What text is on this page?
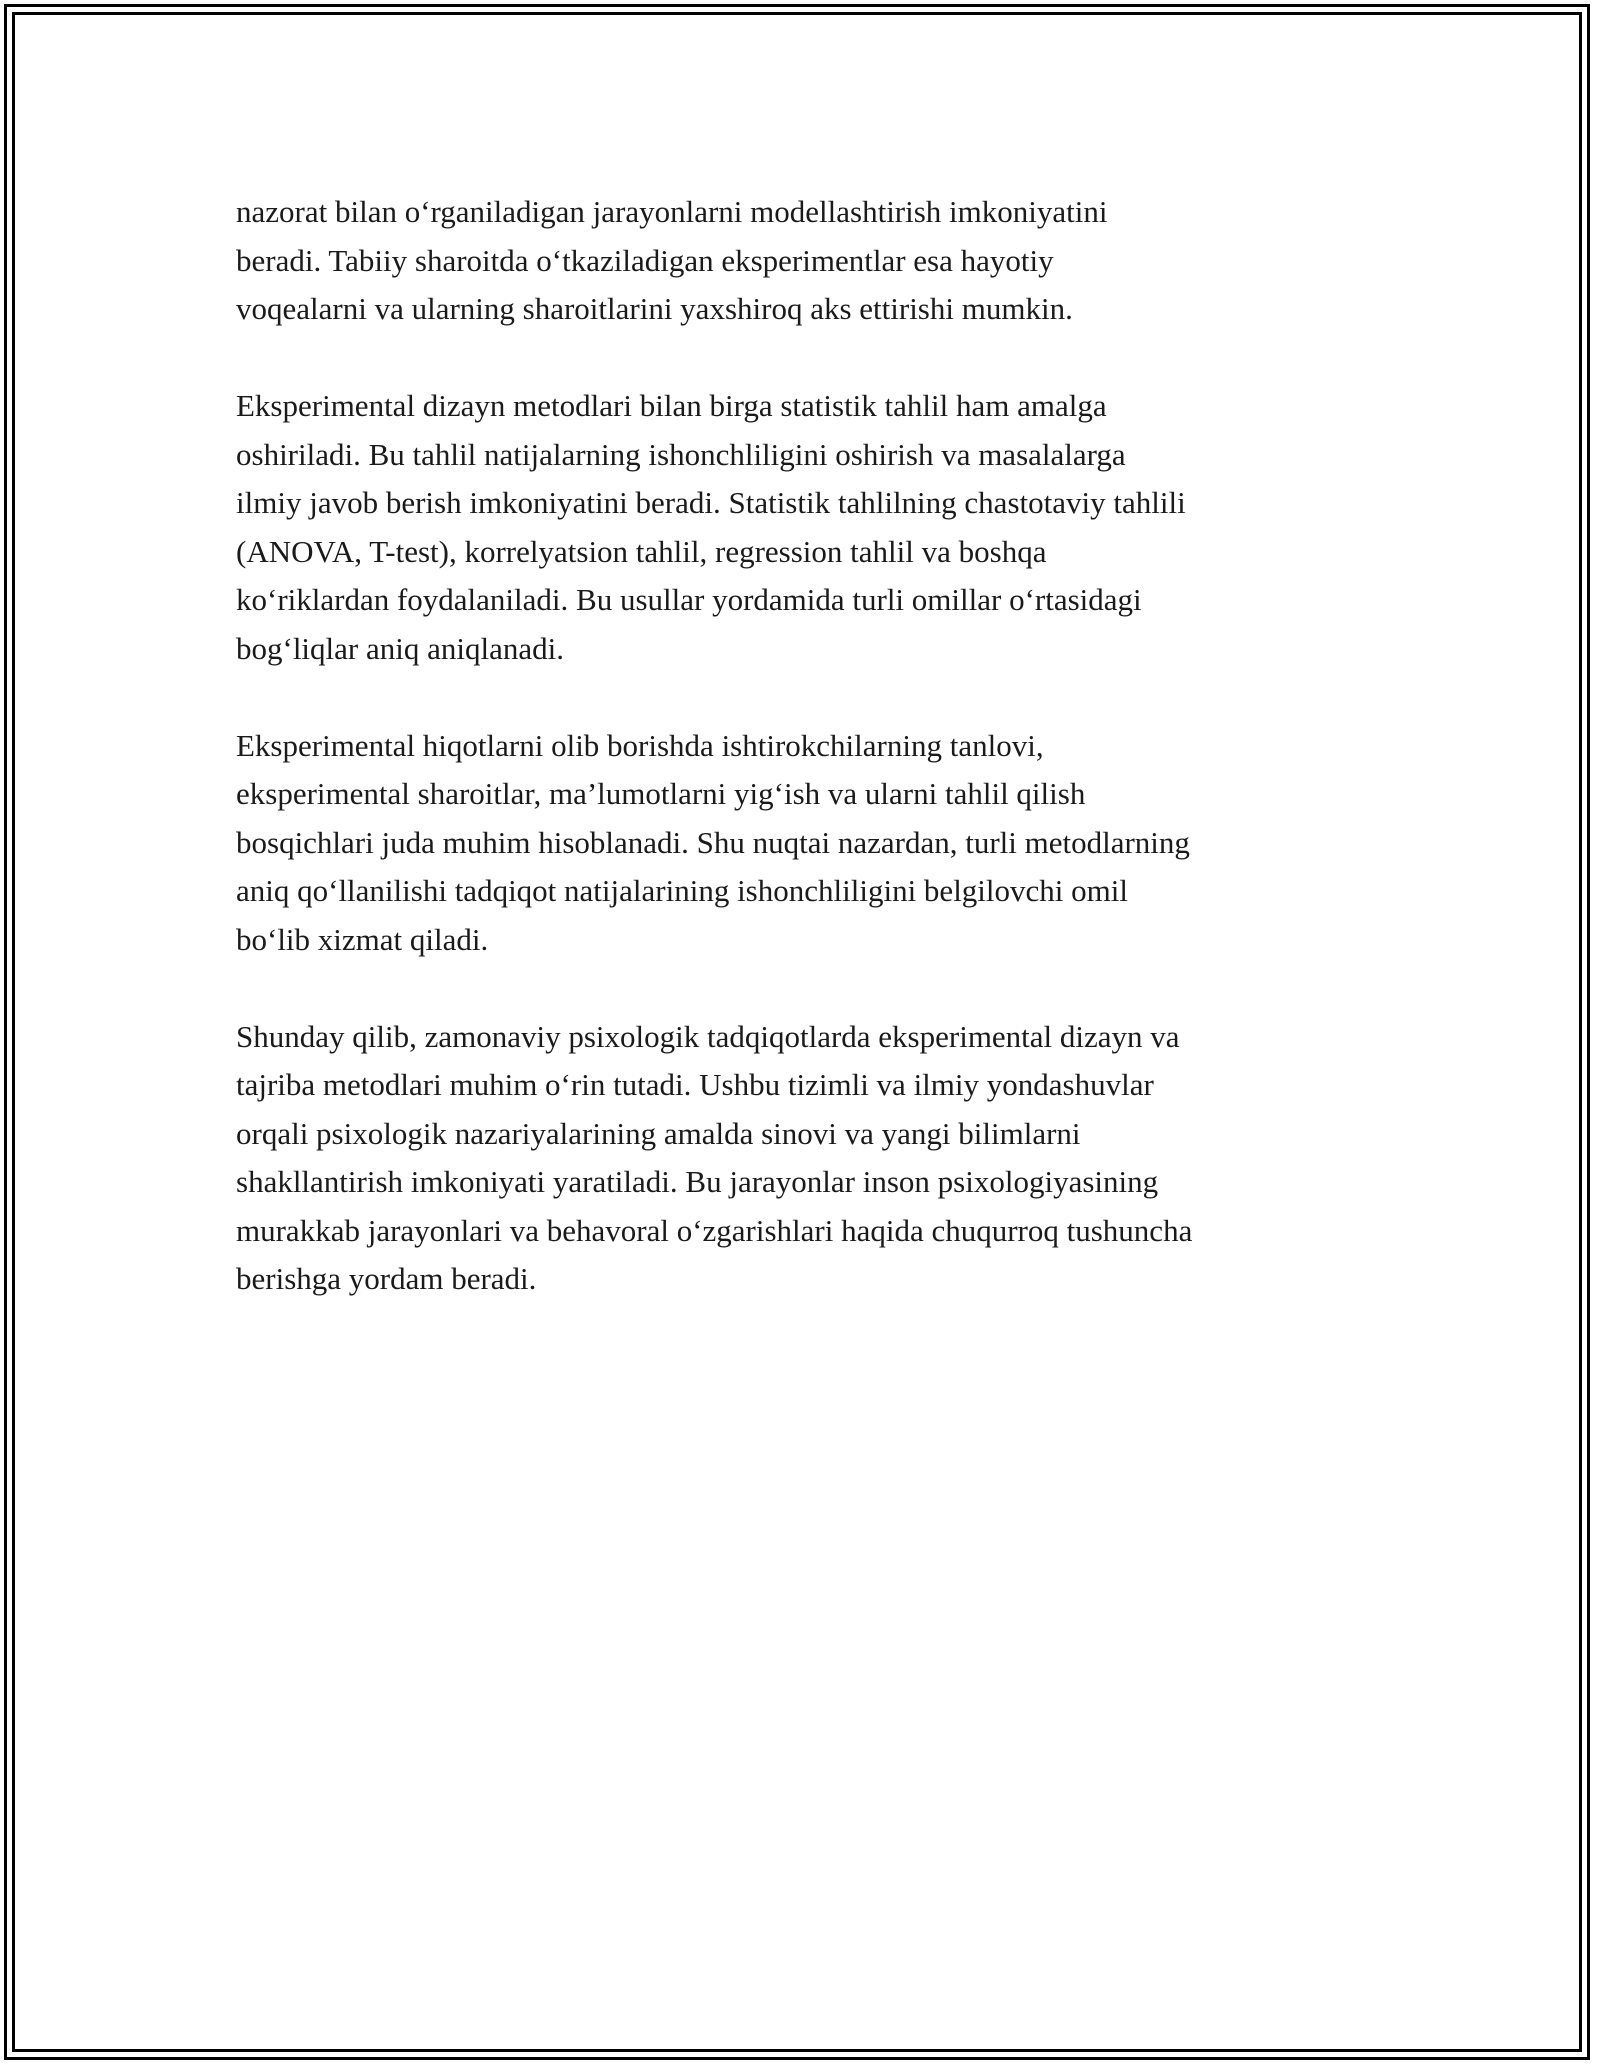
nazorat bilan o‘rganiladigan jarayonlarni modellashtirish imkoniyatini
beradi. Tabiiy sharoitda o‘tkaziladigan eksperimentlar esa hayotiy
voqealarni va ularning sharoitlarini yaxshiroq aks ettirishi mumkin.

Eksperimental dizayn metodlari bilan birga statistik tahlil ham amalga
oshiriladi. Bu tahlil natijalarning ishonchliligini oshirish va masalalarga
ilmiy javob berish imkoniyatini beradi. Statistik tahlilning chastotaviy tahlili
(ANOVA, T-test), korrelyatsion tahlil, regression tahlil va boshqa
ko‘riklardan foydalaniladi. Bu usullar yordamida turli omillar o‘rtasidagi
bog‘liqlar aniq aniqlanadi.

Eksperimental hiqotlarni olib borishda ishtirokchilarning tanlovi,
eksperimental sharoitlar, ma’lumotlarni yig‘ish va ularni tahlil qilish
bosqichlari juda muhim hisoblanadi. Shu nuqtai nazardan, turli metodlarning
aniq qo‘llanilishi tadqiqot natijalarining ishonchliligini belgilovchi omil
bo‘lib xizmat qiladi.

Shunday qilib, zamonaviy psixologik tadqiqotlarda eksperimental dizayn va
tajriba metodlari muhim o‘rin tutadi. Ushbu tizimli va ilmiy yondashuvlar
orqali psixologik nazariyalarining amalda sinovi va yangi bilimlarni
shakllantirish imkoniyati yaratiladi. Bu jarayonlar inson psixologiyasining
murakkab jarayonlari va behavoral o‘zgarishlari haqida chuqurroq tushuncha
berishga yordam beradi.
